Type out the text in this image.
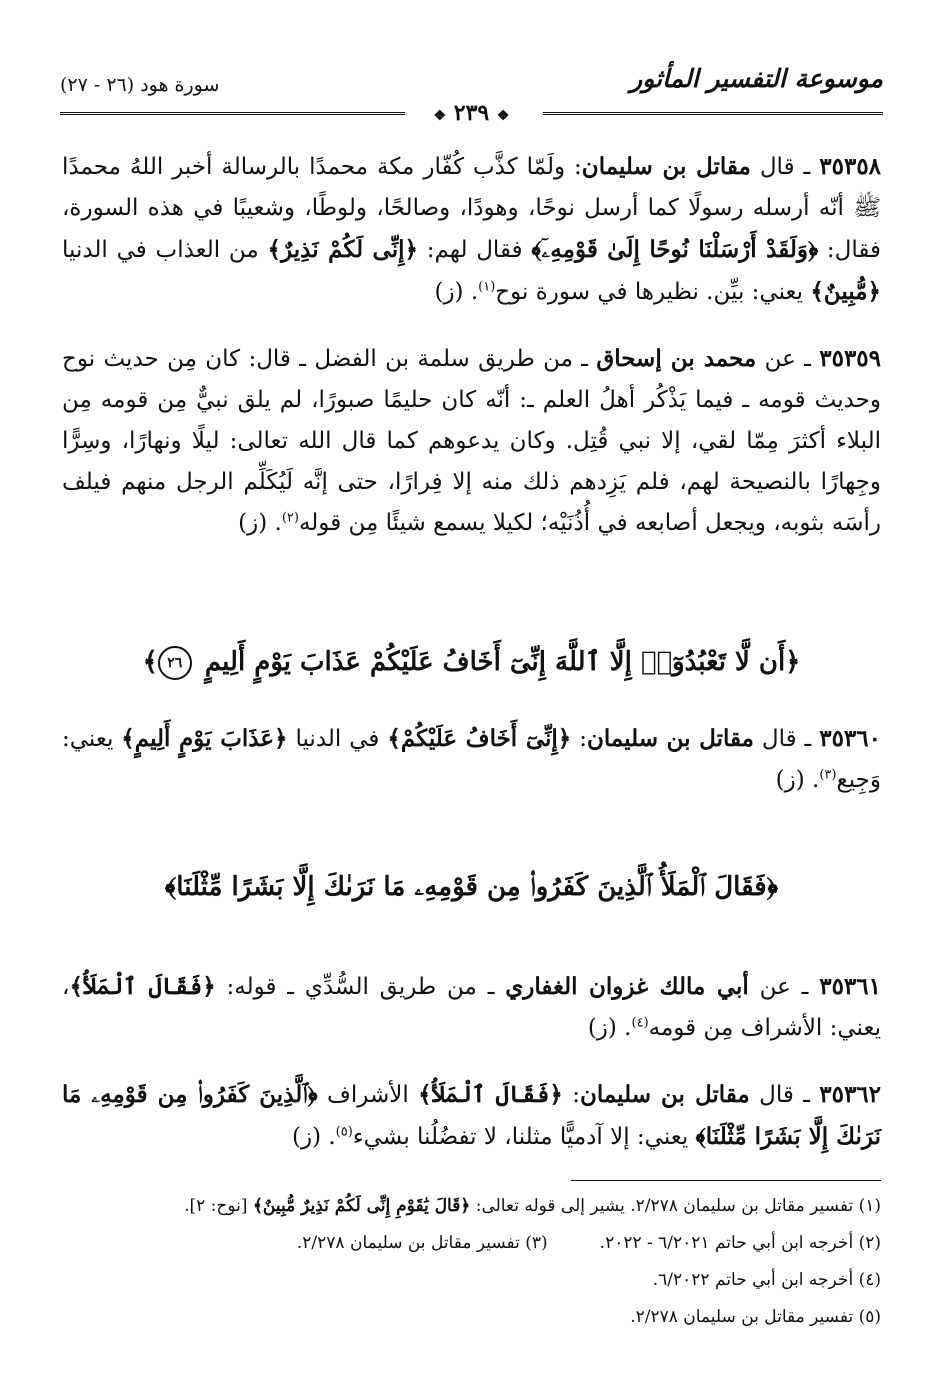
موسوعة التفسير المأثور
سورة هود (٢٦ - ٢٧)
❖ ٢٣٩ ❖
٣٥٣٥٨ ـ قال مقاتل بن سليمان: ولَمّا كذَّب كُفّار مكة محمدًا بالرسالة أخبر اللهُ محمدًا ﷺ أنّه أرسله رسولًا كما أرسل نوحًا، وهودًا، وصالحًا، ولوطًا، وشعيبًا في هذه السورة، فقال: ﴿وَلَقَدْ أَرْسَلْنَا نُوحًا إِلَىٰ قَوْمِهِۦٓ﴾ فقال لهم: ﴿إِنِّى لَكُمْ نَذِيرٌ﴾ من العذاب في الدنيا ﴿مُّبِينٌ﴾ يعني: بيِّن. نظيرها في سورة نوح$^{(١)}$. (ز)
٣٥٣٥٩ ـ عن محمد بن إسحاق ـ من طريق سلمة بن الفضل ـ قال: كان مِن حديث نوح وحديث قومه ـ فيما يَذْكُر أهلُ العلم ـ: أنّه كان حليمًا صبورًا، لم يلق نبيٌّ مِن قومه مِن البلاء أكثرَ مِمّا لقي، إلا نبي قُتِل. وكان يدعوهم كما قال الله تعالى: ليلًا ونهارًا، وسِرًّا وجِهارًا بالنصيحة لهم، فلم يَزِدهم ذلك منه إلا فِرارًا، حتى إنَّه لَيُكَلِّم الرجل منهم فيلف رأسَه بثوبه، ويجعل أصابعه في أُذُنَيْه؛ لكيلا يسمع شيئًا مِن قوله$^{(٢)}$. (ز)
﴿أَن لَّا تَعْبُدُوٓا۟ إِلَّا ٱللَّهَ إِنِّىٓ أَخَافُ عَلَيْكُمْ عَذَابَ يَوْمٍ أَلِيمٍ ٢٦﴾
٣٥٣٦٠ ـ قال مقاتل بن سليمان: ﴿إِنِّىٓ أَخَافُ عَلَيْكُمْ﴾ في الدنيا ﴿عَذَابَ يَوْمٍ أَلِيمٍ﴾ يعني: وَجِيع$^{(٣)}$. (ز)
﴿فَقَالَ ٱلْمَلَأُ ٱلَّذِينَ كَفَرُوا۟ مِن قَوْمِهِۦ مَا نَرَىٰكَ إِلَّا بَشَرًا مِّثْلَنَا﴾
٣٥٣٦١ ـ عن أبي مالك غزوان الغفاري ـ من طريق السُّدِّي ـ قوله: ﴿فَقَالَ ٱلْمَلَأُ﴾، يعني: الأشراف مِن قومه$^{(٤)}$. (ز)
٣٥٣٦٢ ـ قال مقاتل بن سليمان: ﴿فَقَالَ ٱلْمَلَأُ﴾ الأشراف ﴿ٱلَّذِينَ كَفَرُوا۟ مِن قَوْمِهِۦ مَا نَرَىٰكَ إِلَّا بَشَرًا مِّثْلَنَا﴾ يعني: إلا آدميًّا مثلنا، لا تفضُلُنا بشيء$^{(٥)}$. (ز)
(١) تفسير مقاتل بن سليمان ٢/٢٧٨. يشير إلى قوله تعالى: ﴿قَالَ يَٰقَوْمِ إِنِّى لَكُمْ نَذِيرٌ مُّبِينٌ﴾ [نوح: ٢].
(٢) أخرجه ابن أبي حاتم ٦/٢٠٢١ - ٢٠٢٢.
(٣) تفسير مقاتل بن سليمان ٢/٢٧٨.
(٤) أخرجه ابن أبي حاتم ٦/٢٠٢٢.
(٥) تفسير مقاتل بن سليمان ٢/٢٧٨.
